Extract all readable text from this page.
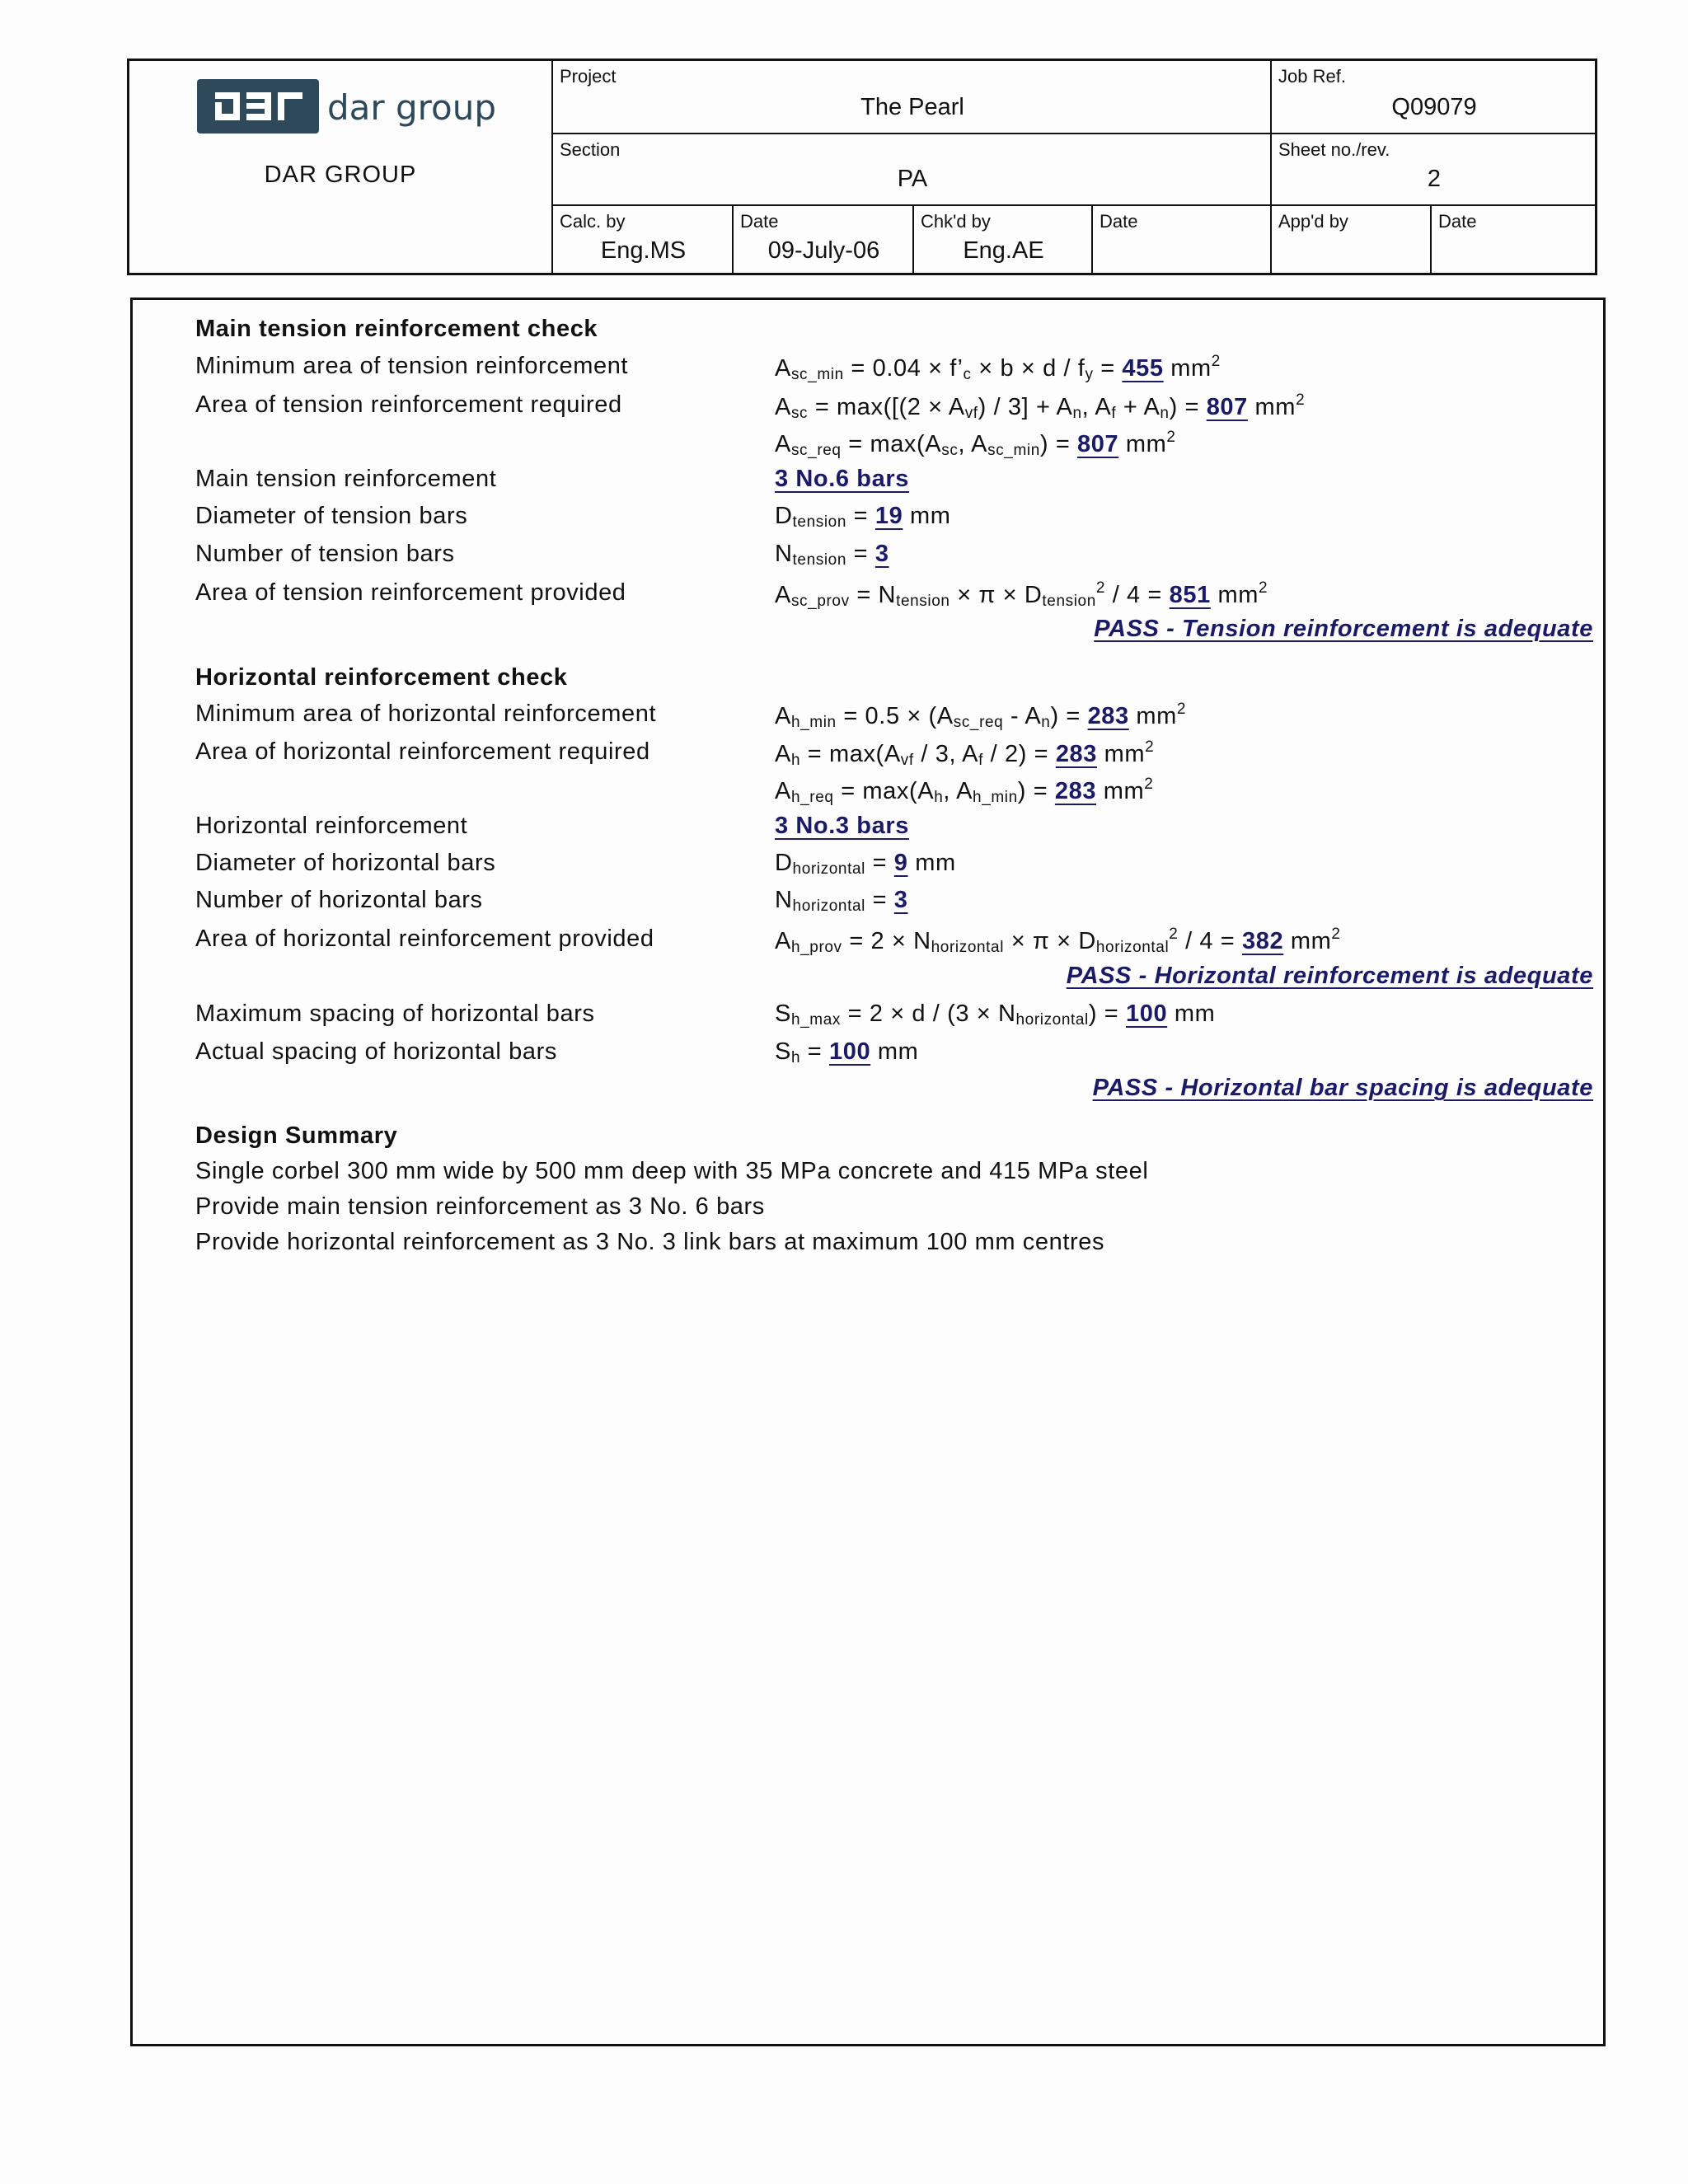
dar group
DAR GROUP
Project
The Pearl
Job Ref.
Q09079
Section
PA
Sheet no./rev.
2
Calc. by
Eng.MS
Date
09-July-06
Chk'd by
Eng.AE
Date	App'd by	Date
Main tension reinforcement check
Minimum area of tension reinforcement	$A_{sc\_min} = 0.04$ × $f’_c \times b \times d / f_y = 455$ $mm^2$
Area of tension reinforcement required	$A_{sc} = \max([(2 \times A_{vf}) / 3] + A_n$, $A_f + A_n) = 807$ $mm^2$
$A_{sc\_req} = \max(A_{sc}$, $A_{sc\_min}) = 807$ $mm^2$
Main tension reinforcement	3 No.6 bars
Diameter of tension bars	$D_{tension} = 19$ mm
Number of tension bars	$N_{tension} = 3$
Area of tension reinforcement provided	$A_{sc\_prov} = N_{tension} \times \pi \times D_{tension}^2 / 4 = 851$ $mm^2$
PASS - Tension reinforcement is adequate
Horizontal reinforcement check
Minimum area of horizontal reinforcement	$A_{h\_min} = 0.5 \times (A_{sc\_req} - A_n) = 283$ $mm^2$
Area of horizontal reinforcement required	$A_h = \max(A_{vf} / 3$, $A_f / 2) = 283$ $mm^2$
$A_{h\_req} = \max(A_h$, $A_{h\_min}) = 283$ $mm^2$
Horizontal reinforcement	3 No.3 bars
Diameter of horizontal bars	$D_{horizontal} = 9$ mm
Number of horizontal bars	$N_{horizontal} = 3$
Area of horizontal reinforcement provided	$A_{h\_prov} = 2 \times N_{horizontal} \times \pi \times D_{horizontal}^2 / 4 = 382$ $mm^2$
PASS - Horizontal reinforcement is adequate
Maximum spacing of horizontal bars	$S_{h\_max} = 2 \times d / (3 \times N_{horizontal}) = 100$ mm
Actual spacing of horizontal bars	$S_h = 100$ mm
PASS - Horizontal bar spacing is adequate
Design Summary
Single corbel 300 mm wide by 500 mm deep with 35 MPa concrete and 415 MPa steel
Provide main tension reinforcement as 3 No. 6 bars
Provide horizontal reinforcement as 3 No. 3 link bars at maximum 100 mm centres
